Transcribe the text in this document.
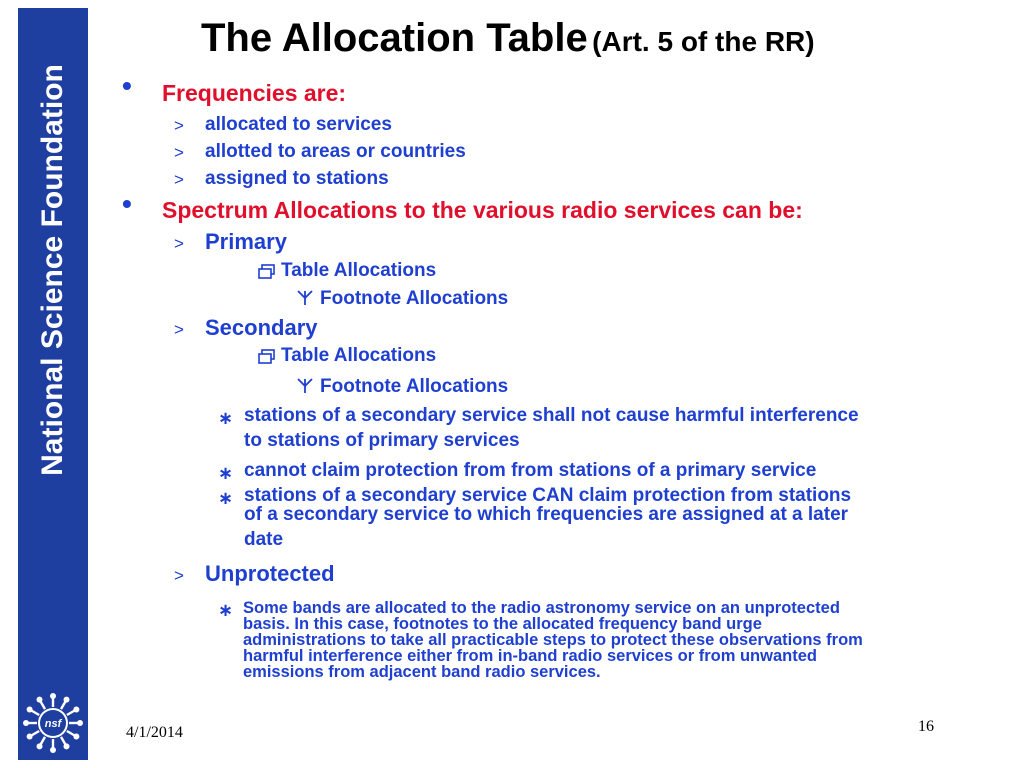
National Science Foundation
nsf
The Allocation Table (Art. 5 of the RR)
• Frequencies are:
> allocated to services
> allotted to areas or countries
> assigned to stations
• Spectrum Allocations to the various radio services can be:
> Primary
Table Allocations
Footnote Allocations
> Secondary
Table Allocations
Footnote Allocations
∗ stations of a secondary service shall not cause harmful interference
to stations of primary services
∗ cannot claim protection from from stations of a primary service
∗ stations of a secondary service CAN claim protection from stations
of a secondary service to which frequencies are assigned at a later
date
> Unprotected
∗ Some bands are allocated to the radio astronomy service on an unprotected
basis. In this case, footnotes to the allocated frequency band urge
administrations to take all practicable steps to protect these observations from
harmful interference either from in-band radio services or from unwanted
emissions from adjacent band radio services.
4/1/2014	16
